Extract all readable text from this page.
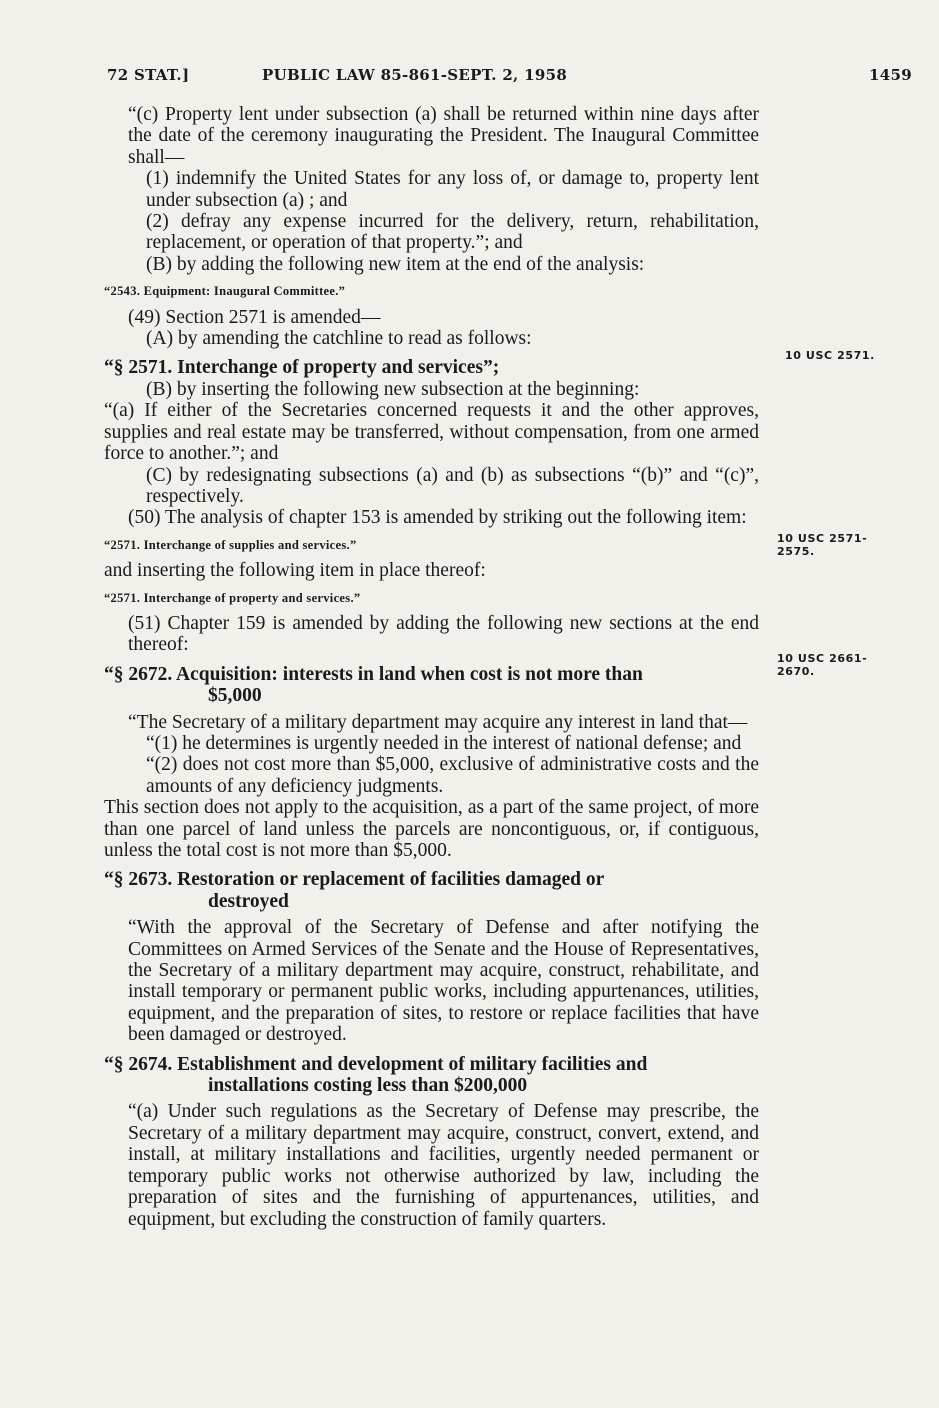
72 STAT.]	PUBLIC LAW 85-861-SEPT. 2, 1958	1459
10 USC 2571.
10 USC 2571-
2575.
10 USC 2661-
2670.

“(c) Property lent under subsection (a) shall be returned within nine days after the date of the ceremony inaugurating the President. The Inaugural Committee shall—

(1) indemnify the United States for any loss of, or damage to, property lent under subsection (a) ; and

(2) defray any expense incurred for the delivery, return, rehabilitation, replacement, or operation of that property.”; and

(B) by adding the following new item at the end of the analysis:

“2543. Equipment: Inaugural Committee.”

(49) Section 2571 is amended—

(A) by amending the catchline to read as follows:

“§ 2571. Interchange of property and services”;

(B) by inserting the following new subsection at the beginning:

“(a) If either of the Secretaries concerned requests it and the other approves, supplies and real estate may be transferred, without compensation, from one armed force to another.”; and

(C) by redesignating subsections (a) and (b) as subsections “(b)” and “(c)”, respectively.

(50) The analysis of chapter 153 is amended by striking out the following item:

“2571. Interchange of supplies and services.”

and inserting the following item in place thereof:

“2571. Interchange of property and services.”

(51) Chapter 159 is amended by adding the following new sections at the end thereof:

“§ 2672. Acquisition: interests in land when cost is not more than
$5,000

“The Secretary of a military department may acquire any interest in land that—

“(1) he determines is urgently needed in the interest of national defense; and

“(2) does not cost more than $5,000, exclusive of administrative costs and the amounts of any deficiency judgments.

This section does not apply to the acquisition, as a part of the same project, of more than one parcel of land unless the parcels are noncontiguous, or, if contiguous, unless the total cost is not more than $5,000.

“§ 2673. Restoration or replacement of facilities damaged or
destroyed

“With the approval of the Secretary of Defense and after notifying the Committees on Armed Services of the Senate and the House of Representatives, the Secretary of a military department may acquire, construct, rehabilitate, and install temporary or permanent public works, including appurtenances, utilities, equipment, and the preparation of sites, to restore or replace facilities that have been damaged or destroyed.

“§ 2674. Establishment and development of military facilities and
installations costing less than $200,000

“(a) Under such regulations as the Secretary of Defense may prescribe, the Secretary of a military department may acquire, construct, convert, extend, and install, at military installations and facilities, urgently needed permanent or temporary public works not otherwise authorized by law, including the preparation of sites and the furnishing of appurtenances, utilities, and equipment, but excluding the construction of family quarters.
